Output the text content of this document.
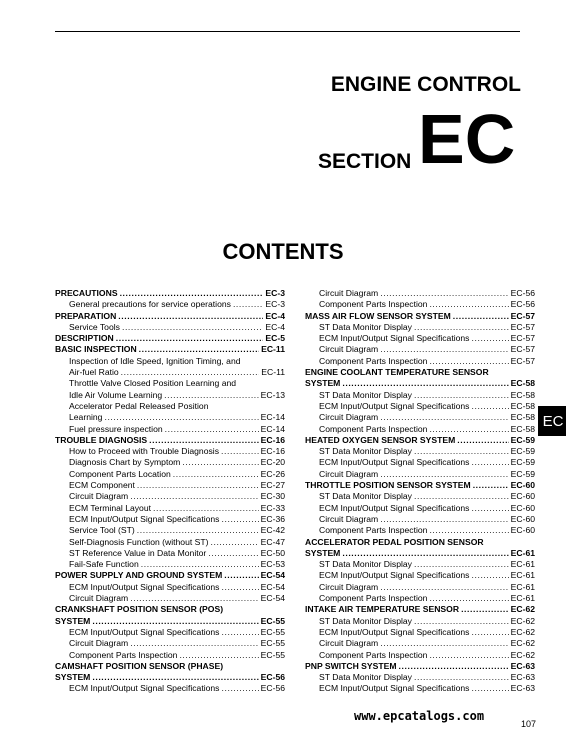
ENGINE CONTROL
SECTION EC
CONTENTS
PRECAUTIONS .....	EC-3
General precautions for service operations .....	EC-3
PREPARATION .....	EC-4
Service Tools .....	EC-4
DESCRIPTION .....	EC-5
BASIC INSPECTION .....	EC-11
Inspection of Idle Speed, Ignition Timing, and
Air-fuel Ratio .....	EC-11
Throttle Valve Closed Position Learning and
Idle Air Volume Learning .....	EC-13
Accelerator Pedal Released Position
Learning .....	EC-14
Fuel pressure inspection .....	EC-14
TROUBLE DIAGNOSIS .....	EC-16
How to Proceed with Trouble Diagnosis .....	EC-16
Diagnosis Chart by Symptom .....	EC-20
Component Parts Location .....	EC-26
ECM Component .....	EC-27
Circuit Diagram .....	EC-30
ECM Terminal Layout .....	EC-33
ECM Input/Output Signal Specifications .....	EC-36
Service Tool (ST) .....	EC-42
Self-Diagnosis Function (without ST) .....	EC-47
ST Reference Value in Data Monitor .....	EC-50
Fail-Safe Function .....	EC-53
POWER SUPPLY AND GROUND SYSTEM .....	EC-54
ECM Input/Output Signal Specifications .....	EC-54
Circuit Diagram .....	EC-54
CRANKSHAFT POSITION SENSOR (POS)
SYSTEM .....	EC-55
ECM Input/Output Signal Specifications .....	EC-55
Circuit Diagram .....	EC-55
Component Parts Inspection .....	EC-55
CAMSHAFT POSITION SENSOR (PHASE)
SYSTEM .....	EC-56
ECM Input/Output Signal Specifications .....	EC-56
Circuit Diagram .....	EC-56
Component Parts Inspection .....	EC-56
MASS AIR FLOW SENSOR SYSTEM .....	EC-57
ST Data Monitor Display .....	EC-57
ECM Input/Output Signal Specifications .....	EC-57
Circuit Diagram .....	EC-57
Component Parts Inspection .....	EC-57
ENGINE COOLANT TEMPERATURE SENSOR
SYSTEM .....	EC-58
ST Data Monitor Display .....	EC-58
ECM Input/Output Signal Specifications .....	EC-58
Circuit Diagram .....	EC-58
Component Parts Inspection .....	EC-58
HEATED OXYGEN SENSOR SYSTEM .....	EC-59
ST Data Monitor Display .....	EC-59
ECM Input/Output Signal Specifications .....	EC-59
Circuit Diagram .....	EC-59
THROTTLE POSITION SENSOR SYSTEM .....	EC-60
ST Data Monitor Display .....	EC-60
ECM Input/Output Signal Specifications .....	EC-60
Circuit Diagram .....	EC-60
Component Parts Inspection .....	EC-60
ACCELERATOR PEDAL POSITION SENSOR
SYSTEM .....	EC-61
ST Data Monitor Display .....	EC-61
ECM Input/Output Signal Specifications .....	EC-61
Circuit Diagram .....	EC-61
Component Parts Inspection .....	EC-61
INTAKE AIR TEMPERATURE SENSOR .....	EC-62
ST Data Monitor Display .....	EC-62
ECM Input/Output Signal Specifications .....	EC-62
Circuit Diagram .....	EC-62
Component Parts Inspection .....	EC-62
PNP SWITCH SYSTEM .....	EC-63
ST Data Monitor Display .....	EC-63
ECM Input/Output Signal Specifications .....	EC-63
EC
www.epcatalogs.com
107
